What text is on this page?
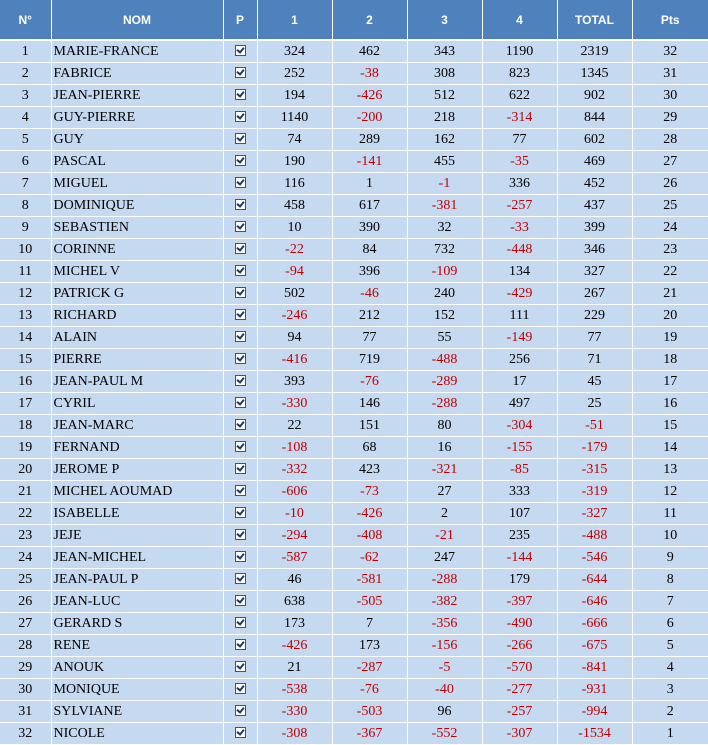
N°	NOM	P	1	2	3	4	TOTAL	Pts
1	MARIE-FRANCE		324	462	343	1190	2319	32
2	FABRICE		252	-38	308	823	1345	31
3	JEAN-PIERRE		194	-426	512	622	902	30
4	GUY-PIERRE		1140	-200	218	-314	844	29
5	GUY		74	289	162	77	602	28
6	PASCAL		190	-141	455	-35	469	27
7	MIGUEL		116	1	-1	336	452	26
8	DOMINIQUE		458	617	-381	-257	437	25
9	SEBASTIEN		10	390	32	-33	399	24
10	CORINNE		-22	84	732	-448	346	23
11	MICHEL V		-94	396	-109	134	327	22
12	PATRICK G		502	-46	240	-429	267	21
13	RICHARD		-246	212	152	111	229	20
14	ALAIN		94	77	55	-149	77	19
15	PIERRE		-416	719	-488	256	71	18
16	JEAN-PAUL M		393	-76	-289	17	45	17
17	CYRIL		-330	146	-288	497	25	16
18	JEAN-MARC		22	151	80	-304	-51	15
19	FERNAND		-108	68	16	-155	-179	14
20	JEROME P		-332	423	-321	-85	-315	13
21	MICHEL AOUMAD		-606	-73	27	333	-319	12
22	ISABELLE		-10	-426	2	107	-327	11
23	JEJE		-294	-408	-21	235	-488	10
24	JEAN-MICHEL		-587	-62	247	-144	-546	9
25	JEAN-PAUL P		46	-581	-288	179	-644	8
26	JEAN-LUC		638	-505	-382	-397	-646	7
27	GERARD S		173	7	-356	-490	-666	6
28	RENE		-426	173	-156	-266	-675	5
29	ANOUK		21	-287	-5	-570	-841	4
30	MONIQUE		-538	-76	-40	-277	-931	3
31	SYLVIANE		-330	-503	96	-257	-994	2
32	NICOLE		-308	-367	-552	-307	-1534	1
